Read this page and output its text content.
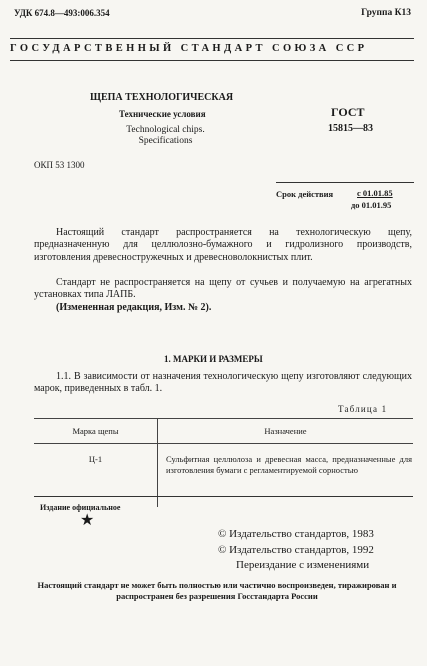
УДК 674.8—493:006.354	Группа К13
ГОСУДАРСТВЕННЫЙ СТАНДАРТ СОЮЗА ССР
ЩЕПА ТЕХНОЛОГИЧЕСКАЯ
Технические условия
Technological chips.
Specifications
ГОСТ
15815—83
ОКП 53 1300
Срок действия	с 01.01.85
до 01.01.95
Настоящий стандарт распространяется на технологическую щепу, предназначенную для целлюлозно-бумажного и гидролизного производств, изготовления древесностружечных и древесноволокнистых плит.
Стандарт не распространяется на щепу от сучьев и получаемую на агрегатных установках типа ЛАПБ.
(Измененная редакция, Изм. № 2).
1. МАРКИ И РАЗМЕРЫ
1.1. В зависимости от назначения технологическую щепу изготовляют следующих марок, приведенных в табл. 1.
Таблица 1
Марка щепы	Назначение
Ц-1	Сульфитная целлюлоза и древесная масса, предназначенные для изготовления бумаги с регламентируемой сорностью
Издание официальное
★
© Издательство стандартов, 1983
© Издательство стандартов, 1992
Переиздание с изменениями
Настоящий стандарт не может быть полностью или частично воспроизведен, тиражирован и распространен без разрешения Госстандарта России
